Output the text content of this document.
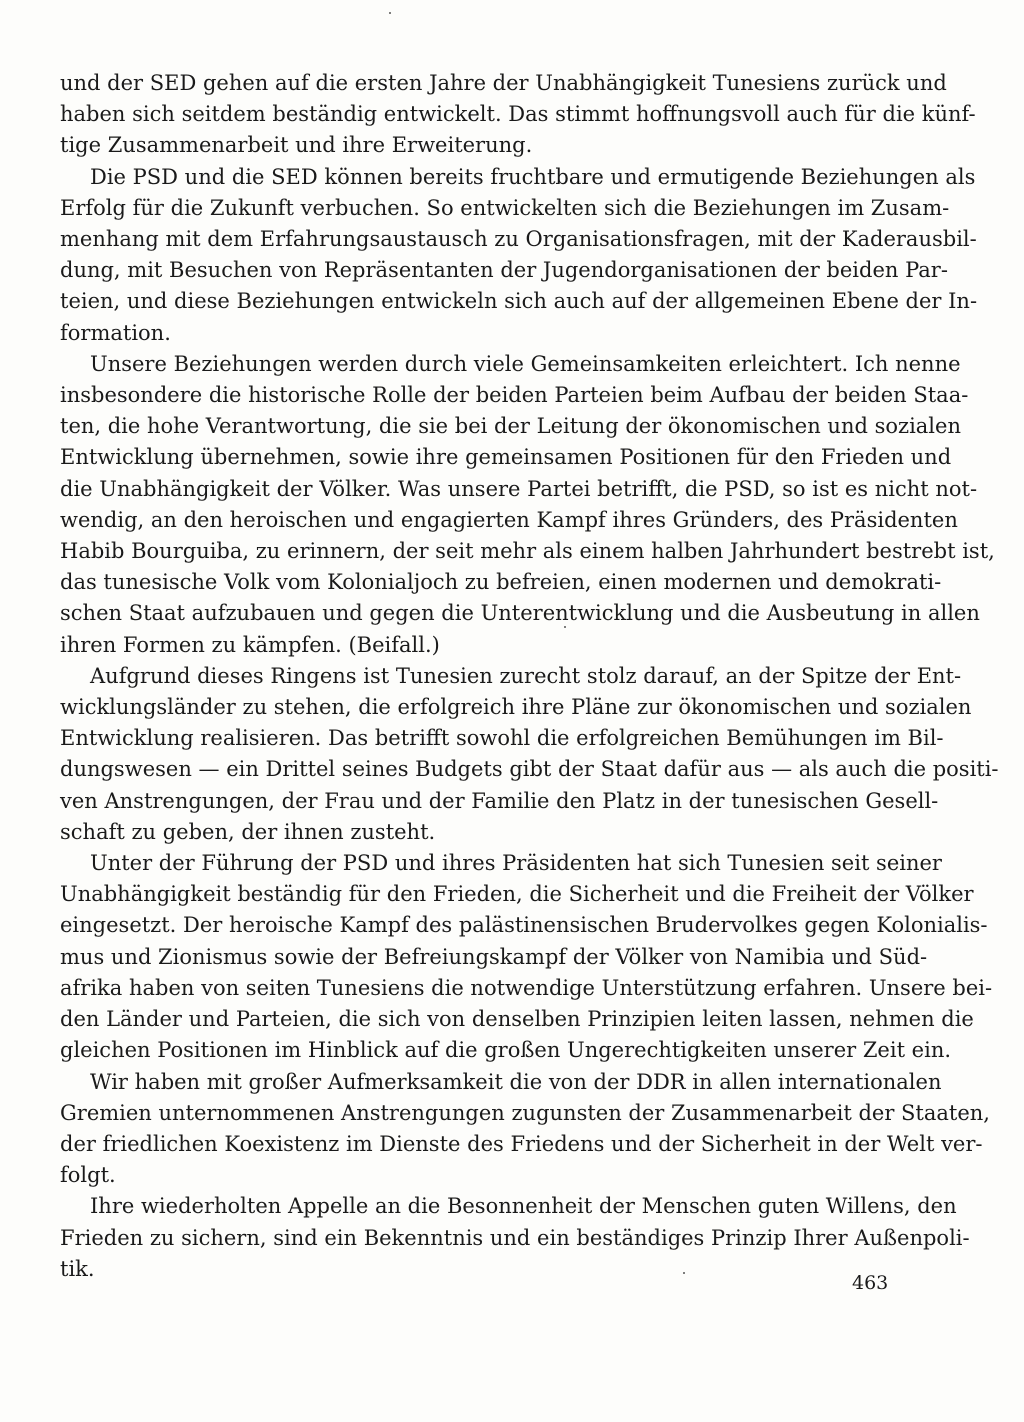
und der SED gehen auf die ersten Jahre der Unabhängigkeit Tunesiens zurück und
haben sich seitdem beständig entwickelt. Das stimmt hoffnungsvoll auch für die künf-
tige Zusammenarbeit und ihre Erweiterung.
Die PSD und die SED können bereits fruchtbare und ermutigende Beziehungen als
Erfolg für die Zukunft verbuchen. So entwickelten sich die Beziehungen im Zusam-
menhang mit dem Erfahrungsaustausch zu Organisationsfragen, mit der Kaderausbil-
dung, mit Besuchen von Repräsentanten der Jugendorganisationen der beiden Par-
teien, und diese Beziehungen entwickeln sich auch auf der allgemeinen Ebene der In-
formation.
Unsere Beziehungen werden durch viele Gemeinsamkeiten erleichtert. Ich nenne
insbesondere die historische Rolle der beiden Parteien beim Aufbau der beiden Staa-
ten, die hohe Verantwortung, die sie bei der Leitung der ökonomischen und sozialen
Entwicklung übernehmen, sowie ihre gemeinsamen Positionen für den Frieden und
die Unabhängigkeit der Völker. Was unsere Partei betrifft, die PSD, so ist es nicht not-
wendig, an den heroischen und engagierten Kampf ihres Gründers, des Präsidenten
Habib Bourguiba, zu erinnern, der seit mehr als einem halben Jahrhundert bestrebt ist,
das tunesische Volk vom Kolonialjoch zu befreien, einen modernen und demokrati-
schen Staat aufzubauen und gegen die Unterentwicklung und die Ausbeutung in allen
ihren Formen zu kämpfen. (Beifall.)
Aufgrund dieses Ringens ist Tunesien zurecht stolz darauf, an der Spitze der Ent-
wicklungsländer zu stehen, die erfolgreich ihre Pläne zur ökonomischen und sozialen
Entwicklung realisieren. Das betrifft sowohl die erfolgreichen Bemühungen im Bil-
dungswesen — ein Drittel seines Budgets gibt der Staat dafür aus — als auch die positi-
ven Anstrengungen, der Frau und der Familie den Platz in der tunesischen Gesell-
schaft zu geben, der ihnen zusteht.
Unter der Führung der PSD und ihres Präsidenten hat sich Tunesien seit seiner
Unabhängigkeit beständig für den Frieden, die Sicherheit und die Freiheit der Völker
eingesetzt. Der heroische Kampf des palästinensischen Brudervolkes gegen Kolonialis-
mus und Zionismus sowie der Befreiungskampf der Völker von Namibia und Süd-
afrika haben von seiten Tunesiens die notwendige Unterstützung erfahren. Unsere bei-
den Länder und Parteien, die sich von denselben Prinzipien leiten lassen, nehmen die
gleichen Positionen im Hinblick auf die großen Ungerechtigkeiten unserer Zeit ein.
Wir haben mit großer Aufmerksamkeit die von der DDR in allen internationalen
Gremien unternommenen Anstrengungen zugunsten der Zusammenarbeit der Staaten,
der friedlichen Koexistenz im Dienste des Friedens und der Sicherheit in der Welt ver-
folgt.
Ihre wiederholten Appelle an die Besonnenheit der Menschen guten Willens, den
Frieden zu sichern, sind ein Bekenntnis und ein beständiges Prinzip Ihrer Außenpoli-
tik.
463
